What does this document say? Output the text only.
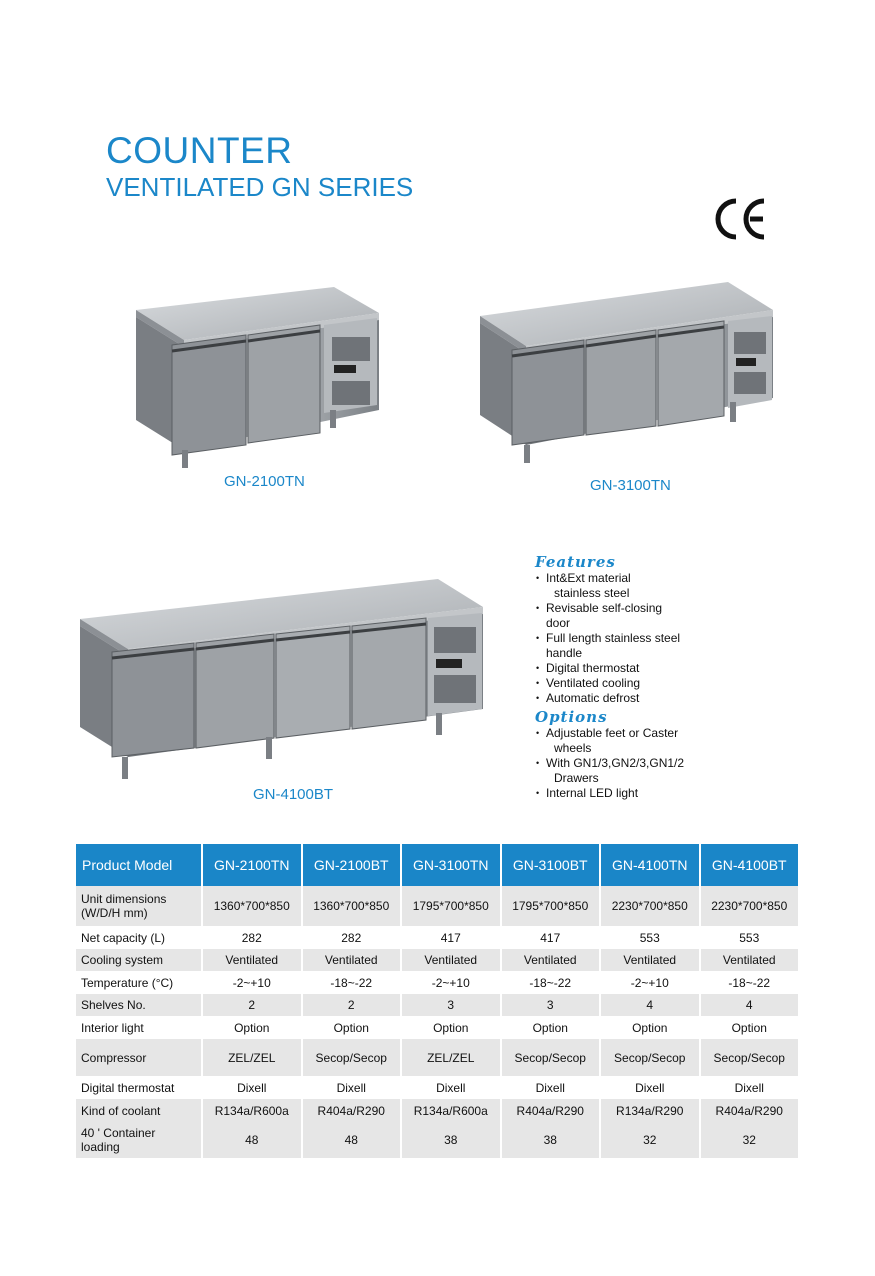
COUNTER
VENTILATED GN SERIES
GN-2100TN	GN-3100TN
GN-4100BT
Features
• Int&Ext material
stainless steel
• Revisable self-closing
door
• Full length stainless steel
handle
• Digital thermostat
• Ventilated cooling
• Automatic defrost
Options
• Adjustable feet or Caster
wheels
• With GN1/3,GN2/3,GN1/2
Drawers
• Internal LED light
Product Model	GN-2100TN	GN-2100BT	GN-3100TN	GN-3100BT	GN-4100TN	GN-4100BT
Unit dimensions
(W/D/H mm)	1360*700*850	1360*700*850	1795*700*850	1795*700*850	2230*700*850	2230*700*850
Net capacity (L)	282	282	417	417	553	553
Cooling system	Ventilated	Ventilated	Ventilated	Ventilated	Ventilated	Ventilated
Temperature (°C)	-2~+10	-18~-22	-2~+10	-18~-22	-2~+10	-18~-22
Shelves No.	2	2	3	3	4	4
Interior light	Option	Option	Option	Option	Option	Option
Compressor	ZEL/ZEL	Secop/Secop	ZEL/ZEL	Secop/Secop	Secop/Secop	Secop/Secop
Digital thermostat	Dixell	Dixell	Dixell	Dixell	Dixell	Dixell
Kind of coolant	R134a/R600a	R404a/R290	R134a/R600a	R404a/R290	R134a/R290	R404a/R290
40 ' Container
loading	48	48	38	38	32	32
